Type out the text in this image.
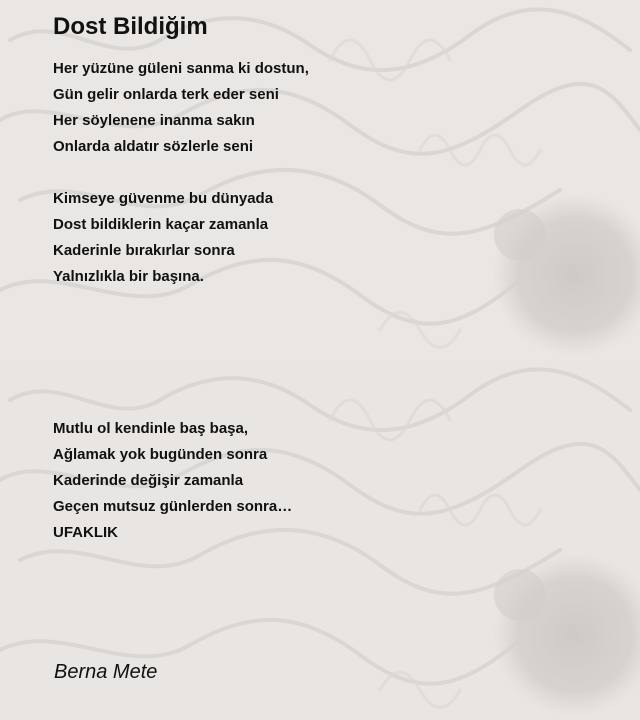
Dost Bildiğim
Her yüzüne güleni sanma ki dostun,
Gün gelir onlarda terk eder seni
Her söylenene inanma sakın
Onlarda aldatır sözlerle seni
Kimseye güvenme bu dünyada
Dost bildiklerin kaçar zamanla
Kaderinle bırakırlar sonra
Yalnızlıkla bir başına.
Mutlu ol kendinle baş başa,
Ağlamak yok bugünden sonra
Kaderinde değişir zamanla
Geçen mutsuz günlerden sonra…
UFAKLIK

Berna Mete
